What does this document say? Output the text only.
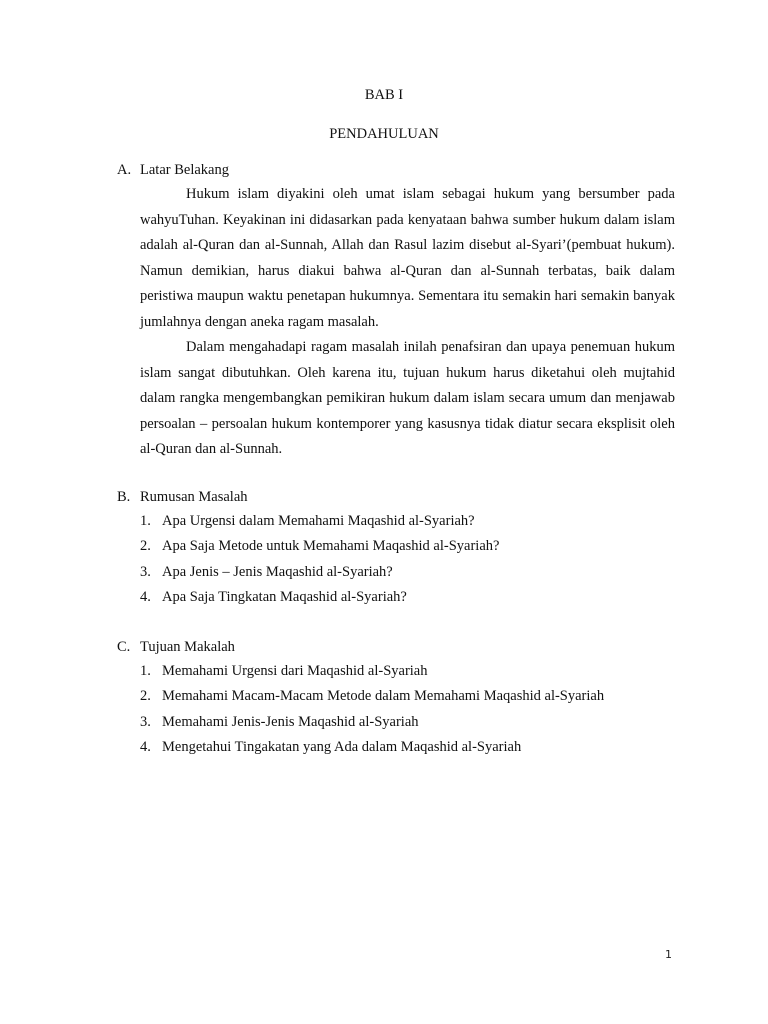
BAB I
PENDAHULUAN
A. Latar Belakang

Hukum islam diyakini oleh umat islam sebagai hukum yang bersumber pada wahyuTuhan. Keyakinan ini didasarkan pada kenyataan bahwa sumber hukum dalam islam adalah al-Quran dan al-Sunnah, Allah dan Rasul lazim disebut al-Syari’(pembuat hukum). Namun demikian, harus diakui bahwa al-Quran dan al-Sunnah terbatas, baik dalam peristiwa maupun waktu penetapan hukumnya. Sementara itu semakin hari semakin banyak jumlahnya dengan aneka ragam masalah.

Dalam mengahadapi ragam masalah inilah penafsiran dan upaya penemuan hukum islam sangat dibutuhkan. Oleh karena itu, tujuan hukum harus diketahui oleh mujtahid dalam rangka mengembangkan pemikiran hukum dalam islam secara umum dan menjawab persoalan – persoalan hukum kontemporer yang kasusnya tidak diatur secara eksplisit oleh al-Quran dan al-Sunnah.

B. Rumusan Masalah
1. Apa Urgensi dalam Memahami Maqashid al-Syariah?
2. Apa Saja Metode untuk Memahami Maqashid al-Syariah?
3. Apa Jenis – Jenis Maqashid al-Syariah?
4. Apa Saja Tingkatan Maqashid al-Syariah?
C. Tujuan Makalah
1. Memahami Urgensi dari Maqashid al-Syariah
2. Memahami Macam-Macam Metode dalam Memahami Maqashid al-Syariah
3. Memahami Jenis-Jenis Maqashid al-Syariah
4. Mengetahui Tingakatan yang Ada dalam Maqashid al-Syariah
1
